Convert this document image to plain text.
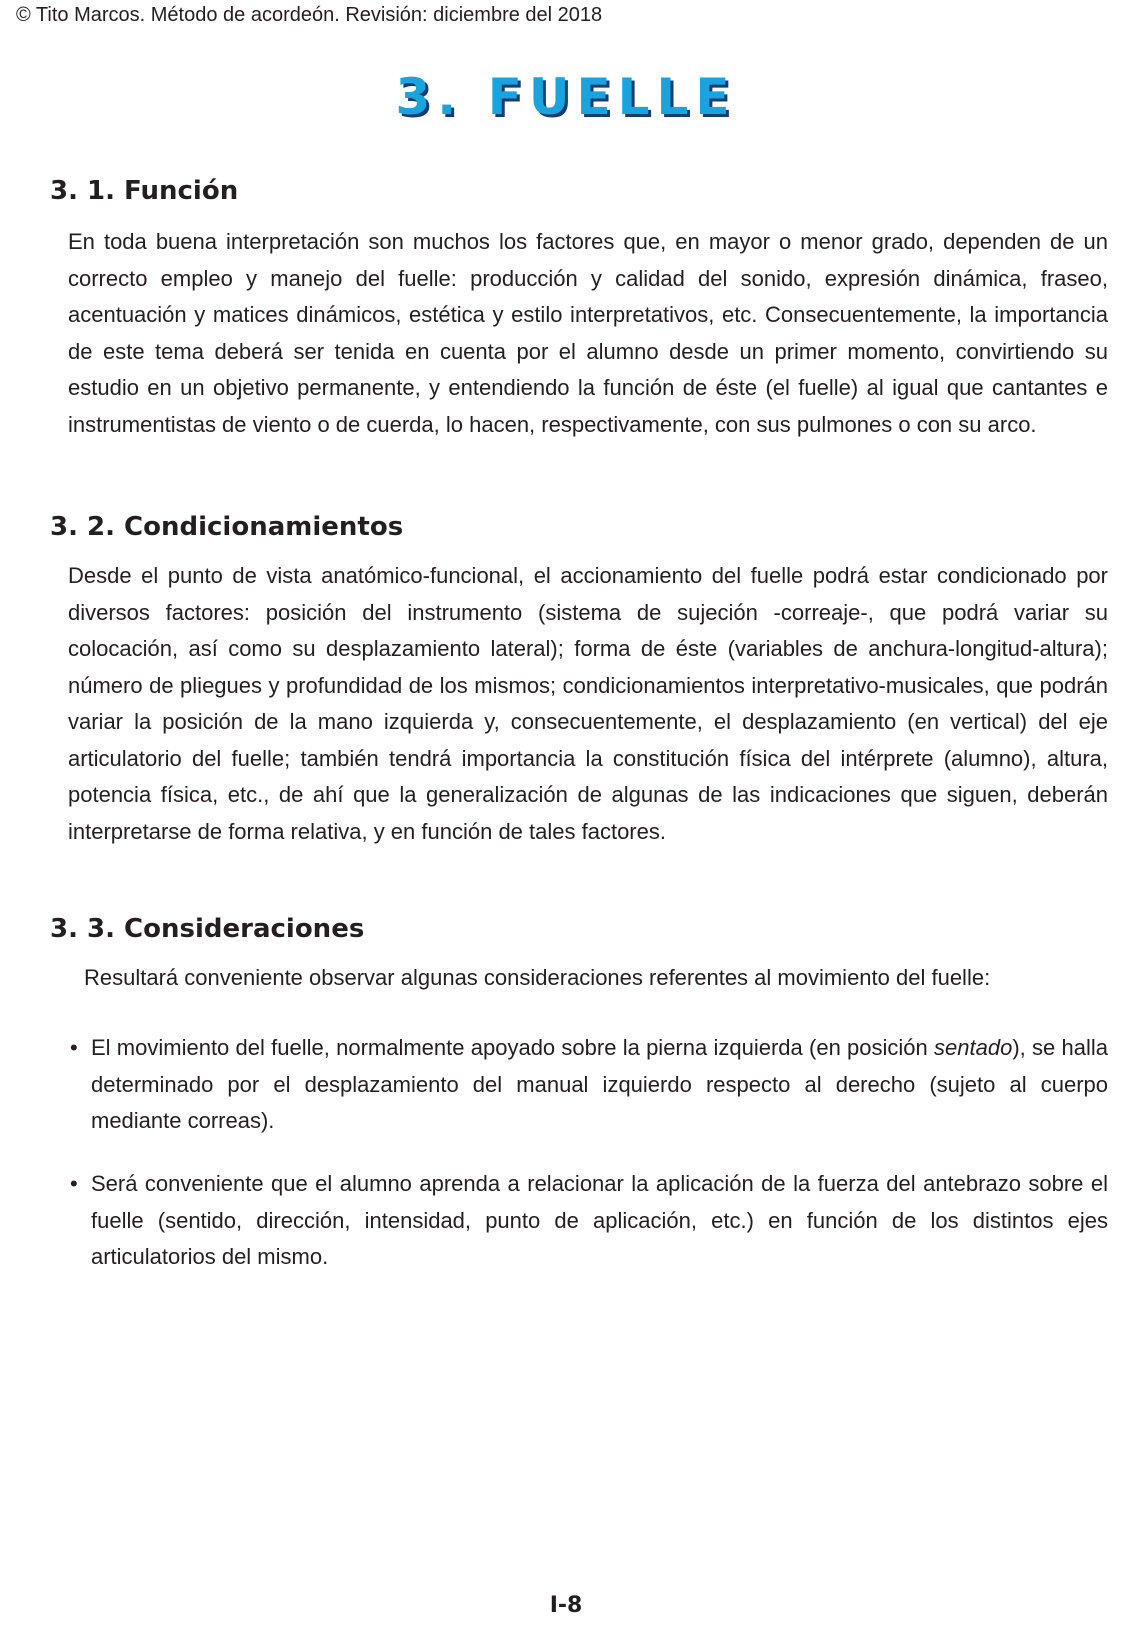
© Tito Marcos. Método de acordeón. Revisión: diciembre del 2018
3. FUELLE
3. 1. Función

En toda buena interpretación son muchos los factores que, en mayor o menor grado, dependen de un correcto empleo y manejo del fuelle: producción y calidad del sonido, expresión dinámica, fraseo, acentuación y matices dinámicos, estética y estilo interpretativos, etc. Consecuentemente, la importancia de este tema deberá ser tenida en cuenta por el alumno desde un primer momento, convirtiendo su estudio en un objetivo permanente, y entendiendo la función de éste (el fuelle) al igual que cantantes e instrumentistas de viento o de cuerda, lo hacen, respectivamente, con sus pulmones o con su arco.

3. 2. Condicionamientos

Desde el punto de vista anatómico-funcional, el accionamiento del fuelle podrá estar condicionado por diversos factores: posición del instrumento (sistema de sujeción -correaje-, que podrá variar su colocación, así como su desplazamiento lateral); forma de éste (variables de anchura-longitud-altura); número de pliegues y profundidad de los mismos; condicionamientos interpretativo-musicales, que podrán variar la posición de la mano izquierda y, consecuentemente, el desplazamiento (en vertical) del eje articulatorio del fuelle; también tendrá importancia la constitución física del intérprete (alumno), altura, potencia física, etc., de ahí que la generalización de algunas de las indicaciones que siguen, deberán interpretarse de forma relativa, y en función de tales factores.

3. 3. Consideraciones

Resultará conveniente observar algunas consideraciones referentes al movimiento del fuelle:

• El movimiento del fuelle, normalmente apoyado sobre la pierna izquierda (en posición sentado), se halla determinado por el desplazamiento del manual izquierdo respecto al derecho (sujeto al cuerpo mediante correas).
• Será conveniente que el alumno aprenda a relacionar la aplicación de la fuerza del antebrazo sobre el fuelle (sentido, dirección, intensidad, punto de aplicación, etc.) en función de los distintos ejes articulatorios del mismo.
I-8
